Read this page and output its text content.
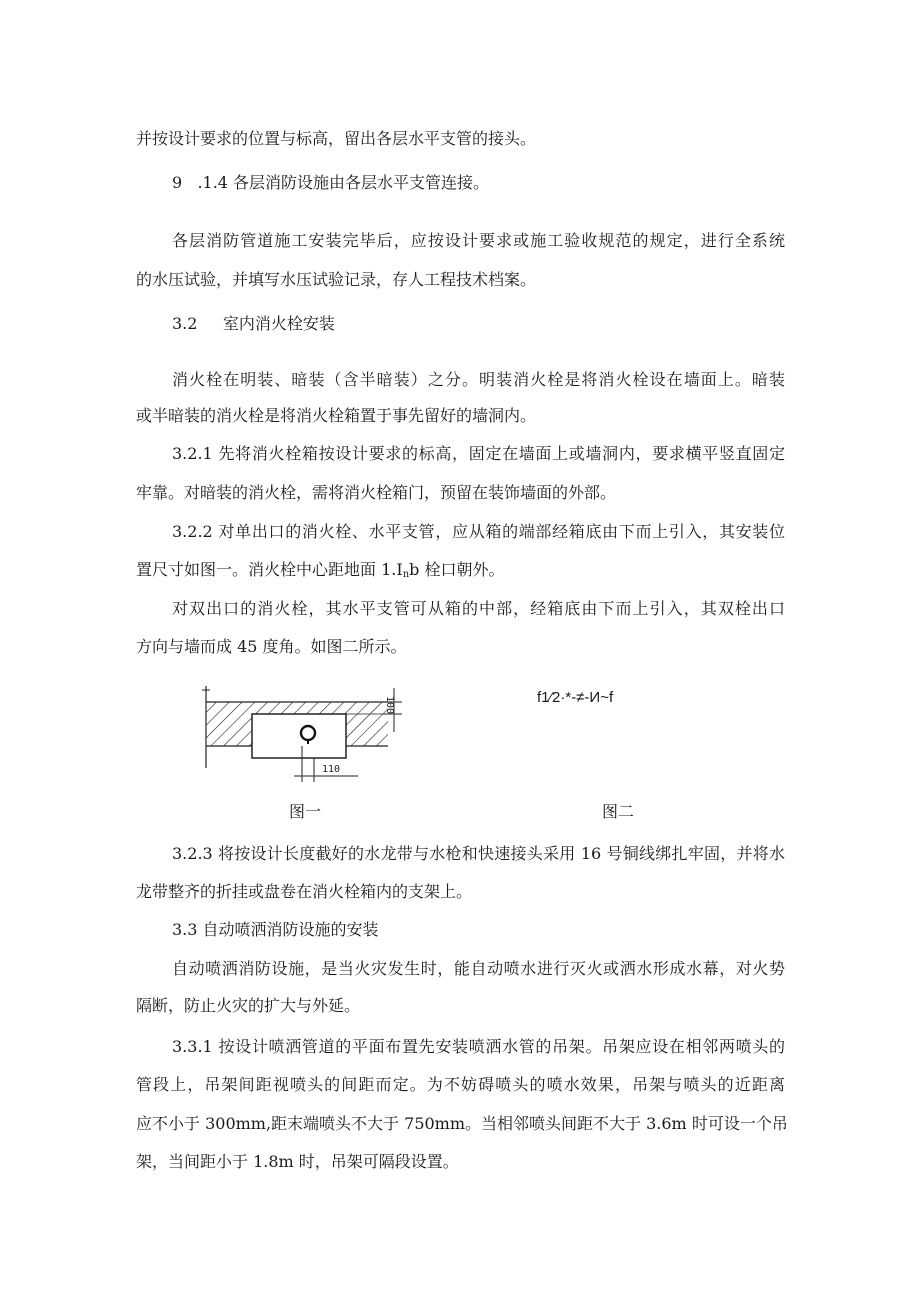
并按设计要求的位置与标高，留出各层水平支管的接头。
9   .1.4 各层消防设施由各层水平支管连接。
各层消防管道施工安装完毕后，应按设计要求或施工验收规范的规定，进行全系统
的水压试验，并填写水压试验记录，存人工程技术档案。
3.2     室内消火栓安装
消火栓在明装、暗装（含半暗装）之分。明装消火栓是将消火栓设在墙面上。暗装
或半暗装的消火栓是将消火栓箱置于事先留好的墙洞内。
3.2.1 先将消火栓箱按设计要求的标高，固定在墙面上或墙洞内，要求横平竖直固定
牢靠。对暗装的消火栓，需将消火栓箱门，预留在装饰墙面的外部。
3.2.2 对单出口的消火栓、水平支管，应从箱的端部经箱底由下而上引入，其安装位
置尺寸如图一。消火栓中心距地面 $1.I_nb$ 栓口朝外。
对双出口的消火栓，其水平支管可从箱的中部，经箱底由下而上引入，其双栓出口
方向与墙而成 45 度角。如图二所示。
100
110
f1⁄2·*-≠-И~f
图一	图二
3.2.3 将按设计长度截好的水龙带与水枪和快速接头采用 16 号铜线绑扎牢固，并将水
龙带整齐的折挂或盘卷在消火栓箱内的支架上。
3.3 自动喷洒消防设施的安装
自动喷洒消防设施，是当火灾发生时，能自动喷水进行灭火或洒水形成水幕，对火势
隔断，防止火灾的扩大与外延。
3.3.1 按设计喷洒管道的平面布置先安装喷洒水管的吊架。吊架应设在相邻两喷头的
管段上，吊架间距视喷头的间距而定。为不妨碍喷头的喷水效果，吊架与喷头的近距离
应不小于 300mm,距末端喷头不大于 750mm。当相邻喷头间距不大于 3.6m 时可设一个吊
架，当间距小于 1.8m 时，吊架可隔段设置。
